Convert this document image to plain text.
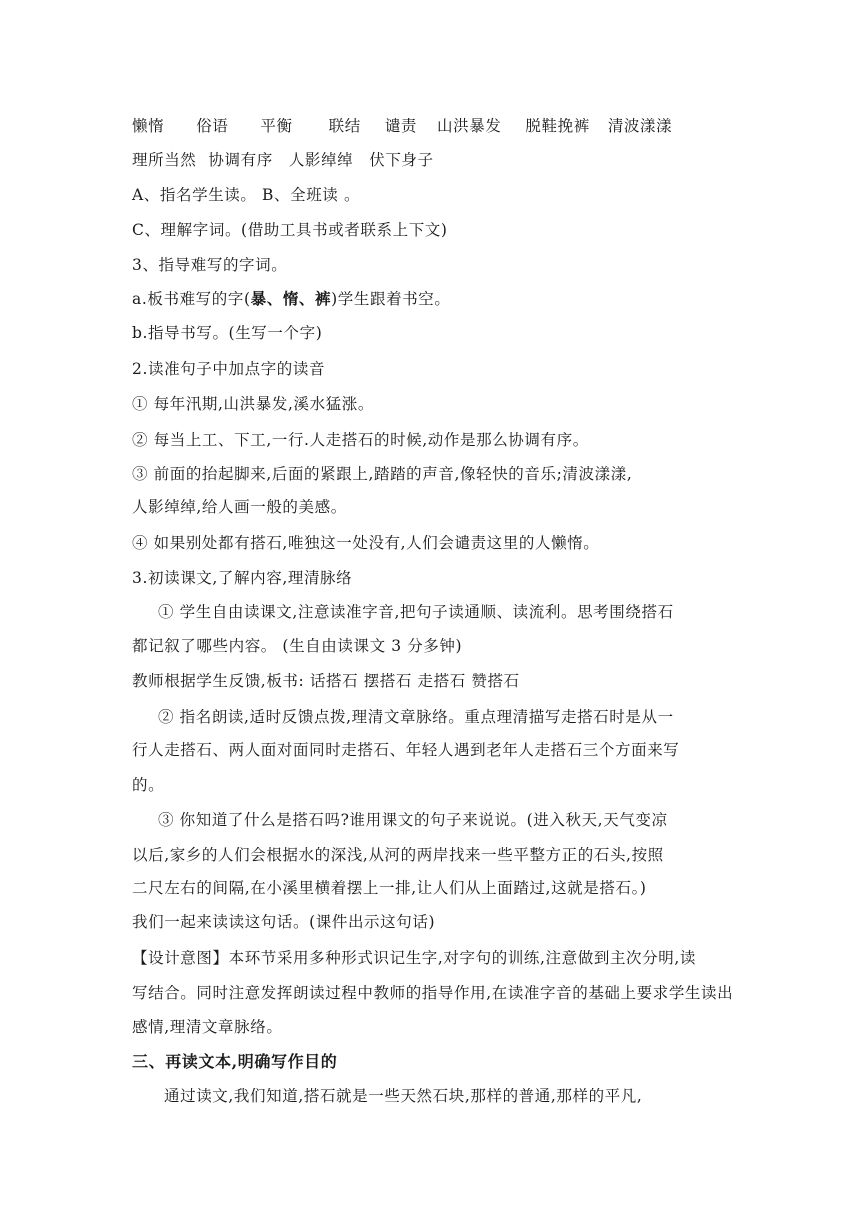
懒惰 俗语 平衡 联结 谴责 山洪暴发 脱鞋挽裤 清波漾漾
理所当然 协调有序 人影绰绰 伏下身子
A、指名学生读。 B、全班读 。
C、理解字词。(借助工具书或者联系上下文)
3、指导难写的字词。
a.板书难写的字(暴、惰、裤)学生跟着书空。
b.指导书写。(生写一个字)
2.读准句子中加点字的读音
① 每年汛期,山洪暴发,溪水猛涨。
② 每当上工、下工,一行.人走搭石的时候,动作是那么协调有序。
③ 前面的抬起脚来,后面的紧跟上,踏踏的声音,像轻快的音乐;清波漾漾,
人影绰绰,给人画一般的美感。
④ 如果别处都有搭石,唯独这一处没有,人们会谴责这里的人懒惰。
3.初读课文,了解内容,理清脉络
① 学生自由读课文,注意读准字音,把句子读通顺、读流利。思考围绕搭石
都记叙了哪些内容。 (生自由读课文 3 分多钟)
教师根据学生反馈,板书: 话搭石 摆搭石 走搭石 赞搭石
② 指名朗读,适时反馈点拨,理清文章脉络。重点理清描写走搭石时是从一
行人走搭石、两人面对面同时走搭石、年轻人遇到老年人走搭石三个方面来写
的。
③ 你知道了什么是搭石吗?谁用课文的句子来说说。(进入秋天,天气变凉
以后,家乡的人们会根据水的深浅,从河的两岸找来一些平整方正的石头,按照
二尺左右的间隔,在小溪里横着摆上一排,让人们从上面踏过,这就是搭石。)
我们一起来读读这句话。(课件出示这句话)
【设计意图】本环节采用多种形式识记生字,对字句的训练,注意做到主次分明,读
写结合。同时注意发挥朗读过程中教师的指导作用,在读准字音的基础上要求学生读出
感情,理清文章脉络。
三、再读文本,明确写作目的
通过读文,我们知道,搭石就是一些天然石块,那样的普通,那样的平凡,
